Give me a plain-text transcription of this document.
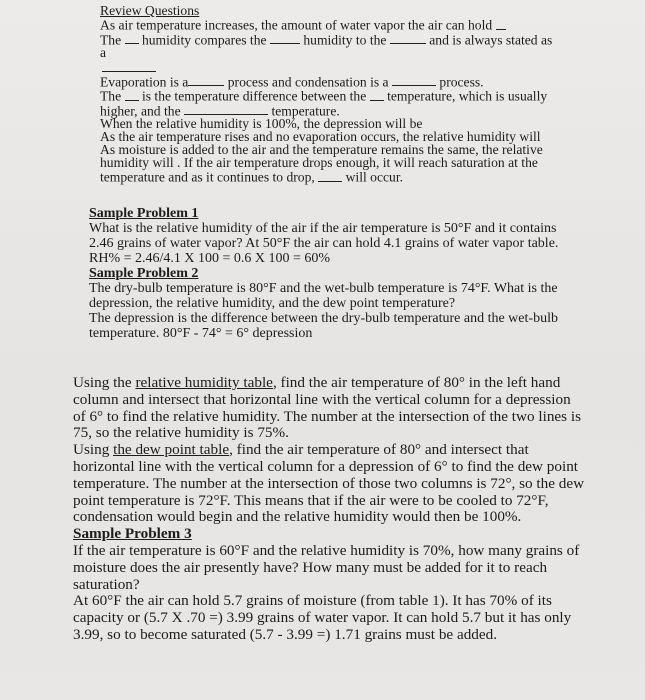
Review Questions
As air temperature increases, the amount of water vapor the air can hold
The humidity compares the	humidity to the	and is always stated as
a

Evaporation is a	process and condensation is a	process.
The is the temperature difference between the temperature, which is usually
higher, and the	temperature.
When the relative humidity is 100%, the depression will be
As the air temperature rises and no evaporation occurs, the relative humidity will
As moisture is added to the air and the temperature remains the same, the relative
humidity will . If the air temperature drops enough, it will reach saturation at the
temperature and as it continues to drop, will occur.
Sample Problem 1
What is the relative humidity of the air if the air temperature is 50°F and it contains
2.46 grains of water vapor? At 50°F the air can hold 4.1 grains of water vapor table.
RH% = 2.46/4.1 X 100 = 0.6 X 100 = 60%
Sample Problem 2
The dry-bulb temperature is 80°F and the wet-bulb temperature is 74°F. What is the
depression, the relative humidity, and the dew point temperature?
The depression is the difference between the dry-bulb temperature and the wet-bulb
temperature. 80°F - 74° = 6° depression
Using the relative humidity table, find the air temperature of 80° in the left hand
column and intersect that horizontal line with the vertical column for a depression
of 6° to find the relative humidity. The number at the intersection of the two lines is
75, so the relative humidity is 75%.
Using the dew point table, find the air temperature of 80° and intersect that
horizontal line with the vertical column for a depression of 6° to find the dew point
temperature. The number at the intersection of those two columns is 72°, so the dew
point temperature is 72°F. This means that if the air were to be cooled to 72°F,
condensation would begin and the relative humidity would then be 100%.
Sample Problem 3
If the air temperature is 60°F and the relative humidity is 70%, how many grains of
moisture does the air presently have? How many must be added for it to reach
saturation?
At 60°F the air can hold 5.7 grains of moisture (from table 1). It has 70% of its
capacity or (5.7 X .70 =) 3.99 grains of water vapor. It can hold 5.7 but it has only
3.99, so to become saturated (5.7 - 3.99 =) 1.71 grains must be added.
